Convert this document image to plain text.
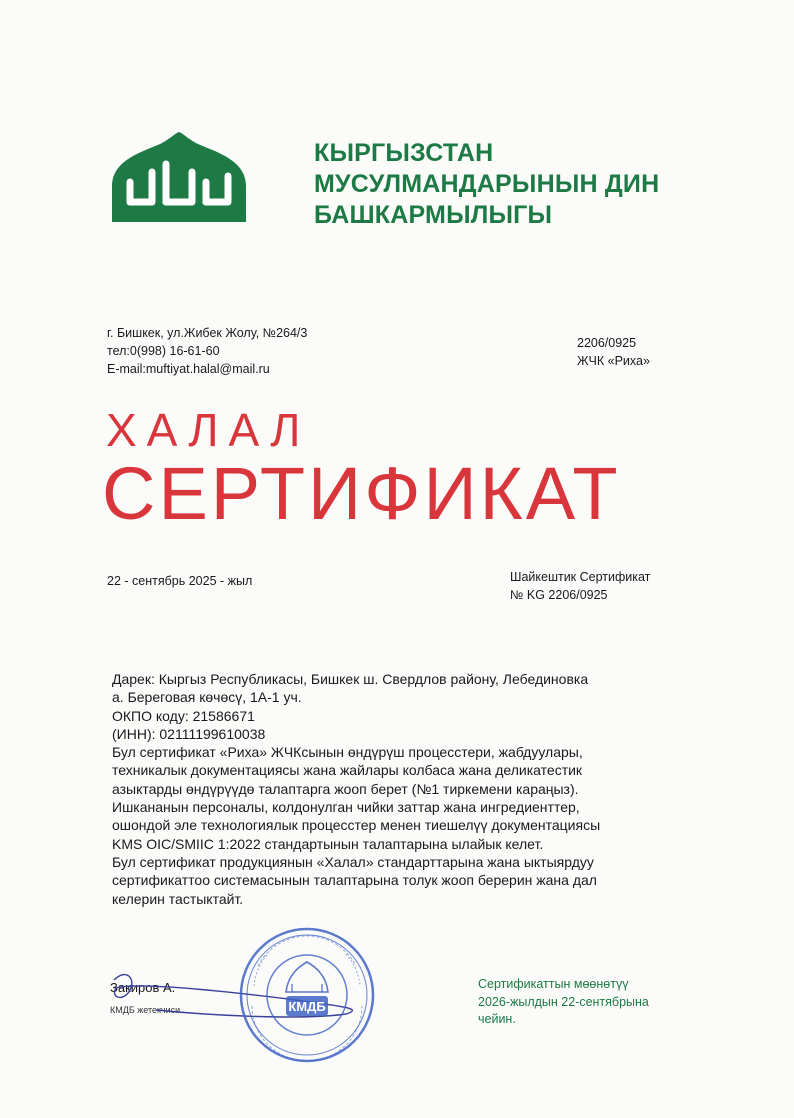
КЫРГЫЗСТАН
МУСУЛМАНДАРЫНЫН ДИН
БАШКАРМЫЛЫГЫ
г. Бишкек, ул.Жибек Жолу, №264/3
тел:0(998) 16-61-60
E-mail:muftiyat.halal@mail.ru
2206/0925
ЖЧК «Риха»
ХАЛАЛ
СЕРТИФИКАТ
22 - сентябрь 2025 - жыл	Шайкештик Сертификат
№ KG 2206/0925
Дарек: Кыргыз Республикасы, Бишкек ш. Свердлов району, Лебединовка
а. Береговая көчөсү, 1А-1 уч.
ОКПО коду: 21586671
(ИНН): 02111199610038
Бул сертификат «Риха» ЖЧКсынын өндүрүш процесстери, жабдуулары,
техникалык документациясы жана жайлары колбаса жана деликатестик
азыктарды өндүрүүдө талаптарга жооп берет (№1 тиркемени караңыз).
Ишкананын персоналы, колдонулган чийки заттар жана ингредиенттер,
ошондой эле технологиялык процесстер менен тиешелүү документациясы
KMS OIC/SMIIC 1:2022 стандартынын талаптарына ылайык келет.
Бул сертификат продукциянын «Халал» стандарттарына жана ыктыярдуу
сертификаттоо системасынын талаптарына толук жооп берерин жана дал
келерин тастыктайт.
Закиров А.
КМДБ жетекчиси	КМДБ
Сертификаттын мөөнөтүү
2026-жылдын 22-сентябрына
чейин.
